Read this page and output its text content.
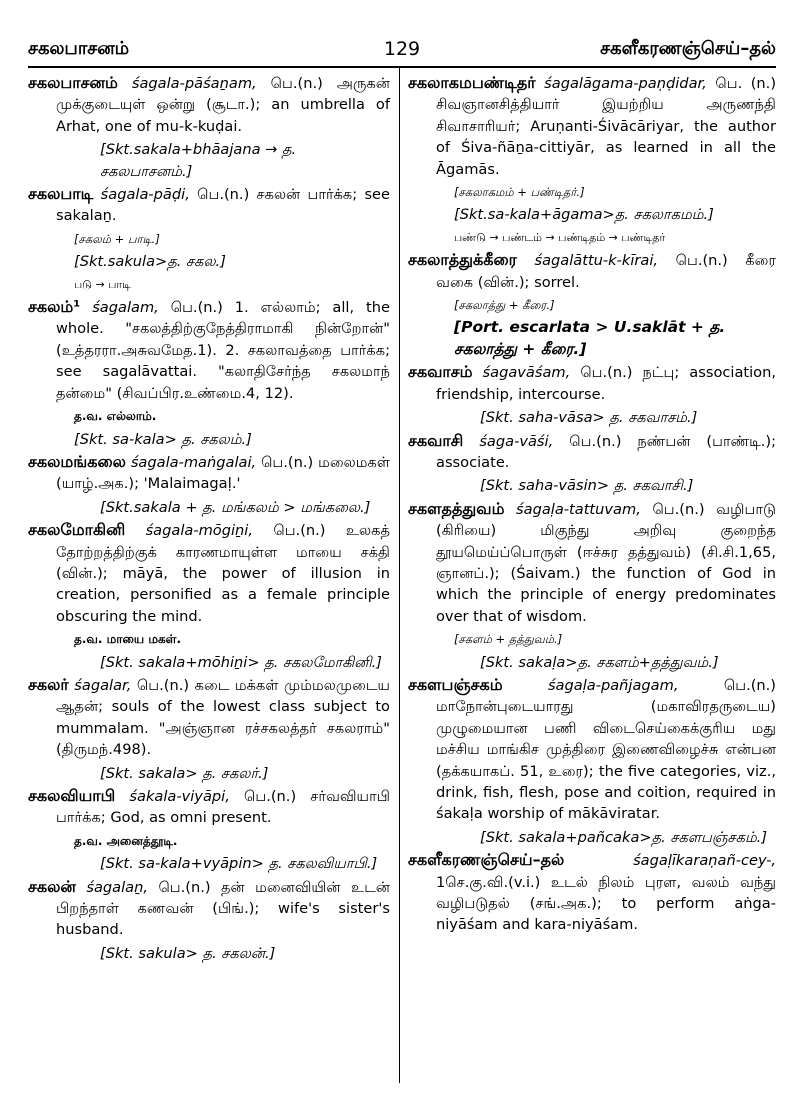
சகலபாசனம்	129	சகளீகரணஞ்செய்–தல்
சகலபாசனம் śagala-pāśaṉam, பெ.(n.) அருகன் முக்குடையுள் ஒன்று (சூடா.); an umbrella of Arhat, one of mu-k-kuḍai.
[Skt.sakala+bhāajana → த. சகலபாசனம்.]
சகலபாடி śagala-pāḍi, பெ.(n.) சகலன் பார்க்க; see sakalaṉ.
[சகலம் + பாடி.]
[Skt.sakula>த. சகல.]
படு → பாடி
சகலம்¹ śagalam, பெ.(n.) 1. எல்லாம்; all, the whole. "சகலத்திற்குநேத்திராமாகி நின்றோன்" (உத்தரரா.அசுவமேத.1). 2. சகலாவத்தை பார்க்க; see sagalāvattai. "கலாதிசேர்ந்த சகலமாந் தன்மை" (சிவப்பிர.உண்மை.4, 12).
த.வ. எல்லாம்.
[Skt. sa-kala> த. சகலம்.]
சகலமங்கலை śagala-maṅgalai, பெ.(n.) மலைமகள் (யாழ்.அக.); 'Malaimagaḷ.'
[Skt.sakala + த. மங்கலம் > மங்கலை.]
சகலமோகினி śagala-mōgiṉi, பெ.(n.) உலகத் தோற்றத்திற்குக் காரணமாயுள்ள மாயை சக்தி (வின்.); māyā, the power of illusion in creation, personified as a female principle obscuring the mind.
த.வ. மாயை மகள்.
[Skt. sakala+mōhiṉi> த. சகலமோகினி.]
சகலர் śagalar, பெ.(n.) கடை மக்கள் மும்மலமுடைய ஆதன்; souls of the lowest class subject to mummalam. "அஞ்ஞான ரச்சகலத்தர் சகலராம்" (திருமந்.498).
[Skt. sakala> த. சகலர்.]
சகலவியாபி śakala-viyāpi, பெ.(n.) சர்வவியாபி பார்க்க; God, as omni present.
த.வ. அனைத்தூடி.
[Skt. sa-kala+vyāpin> த. சகலவியாபி.]
சகலன் śagalaṉ, பெ.(n.) தன் மனைவியின் உடன் பிறந்தாள் கணவன் (பிங்.); wife's sister's husband.
[Skt. sakula> த. சகலன்.]
சகலாகமபண்டிதர் śagalāgama-paṇḍidar, பெ. (n.) சிவஞானசித்தியார் இயற்றிய அருணந்தி சிவாசாரியர்; Aruṇanti-Śivācāriyar, the author of Śiva-ñāṉa-cittiyār, as learned in all the Āgamās.
[சகலாகமம் + பண்டிதர்.]
[Skt.sa-kala+āgama>த. சகலாகமம்.]
பண்டு → பண்டம் → பண்டிதம் → பண்டிதர்
சகலாத்துக்கீரை śagalāttu-k-kīrai, பெ.(n.) கீரை வகை (வின்.); sorrel.
[சகலாத்து + கீரை.]
[Port. escarlata > U.saklāt + த. சகலாத்து + கீரை.]
சகவாசம் śagavāśam, பெ.(n.) நட்பு; association, friendship, intercourse.
[Skt. saha-vāsa> த. சகவாசம்.]
சகவாசி śaga-vāśi, பெ.(n.) நண்பன் (பாண்டி.); associate.
[Skt. saha-vāsin> த. சகவாசி.]
சகளதத்துவம் śagaḷa-tattuvam, பெ.(n.) வழிபாடு (கிரியை) மிகுந்து அறிவு குறைந்த தூயமெய்ப்பொருள் (ஈச்சுர தத்துவம்) (சி.சி.1,65, ஞானப்.); (Śaivam.) the function of God in which the principle of energy predominates over that of wisdom.
[சகளம் + தத்துவம்.]
[Skt. sakaḷa>த. சகளம்+தத்துவம்.]
சகளபஞ்சகம்	śagaḷa-pañjagam,	பெ.(n.) மாநோன்புடையாரது (மகாவிரதருடைய) முழுமையான பணி விடைசெய்கைக்குரிய மது மச்சிய மாங்கிச முத்திரை இணைவிழைச்சு என்பன (தக்கயாகப். 51, உரை); the five categories, viz., drink, fish, flesh, pose and coition, required in śakaḷa worship of mākāviratar.
[Skt. sakala+pañcaka>த. சகளபஞ்சகம்.]
சகளீகரணஞ்செய்–தல்	śagaḷīkaraṇañ-cey-, 1செ.கு.வி.(v.i.) உடல் நிலம் புரள, வலம் வந்து வழிபடுதல் (சங்.அக.); to perform aṅga-niyāśam and kara-niyāśam.
